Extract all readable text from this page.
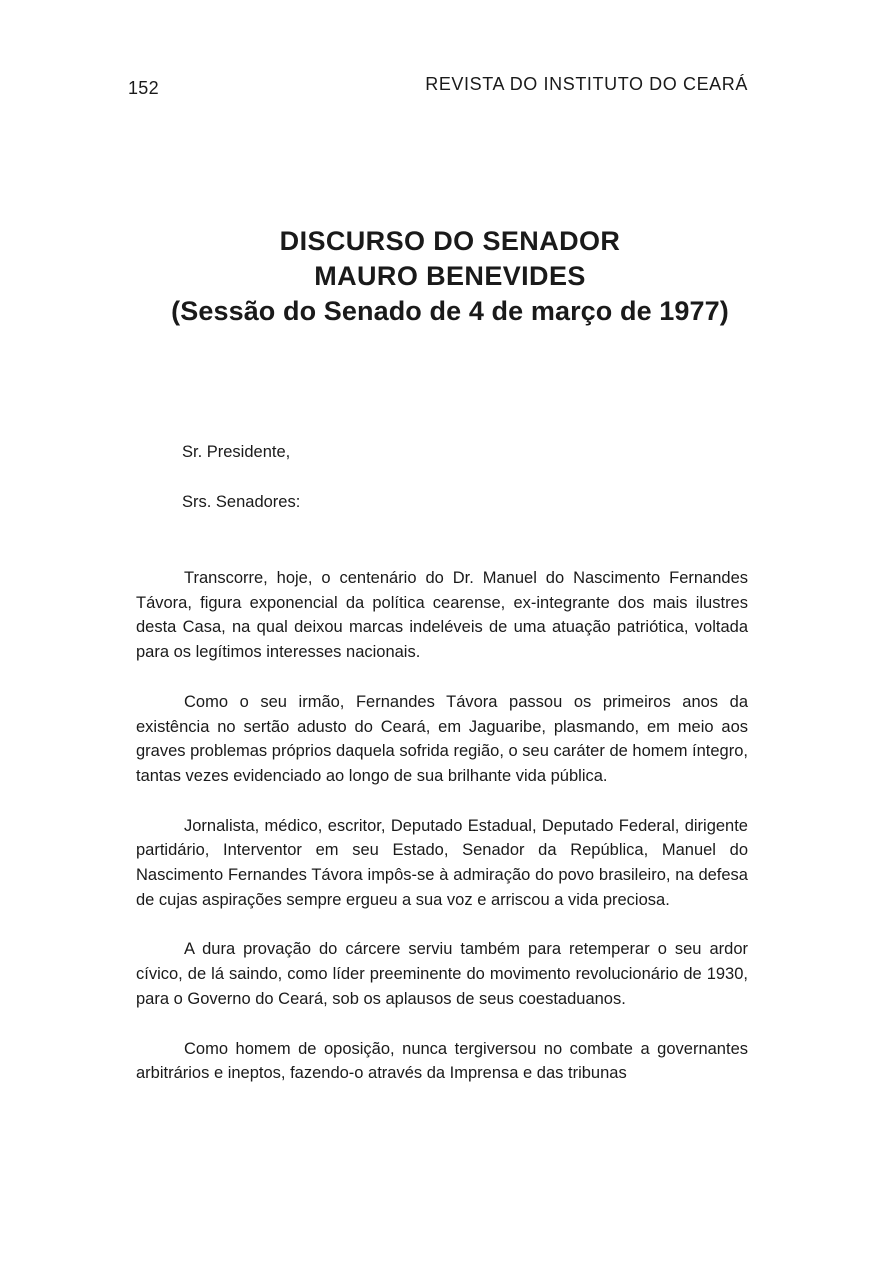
152	REVISTA DO INSTITUTO DO CEARÁ
DISCURSO DO SENADOR
MAURO BENEVIDES
(Sessão do Senado de 4 de março de 1977)
Sr. Presidente,
Srs. Senadores:

Transcorre, hoje, o centenário do Dr. Manuel do Nascimento Fernandes Távora, figura exponencial da política cearense, ex-integrante dos mais ilustres desta Casa, na qual deixou marcas indeléveis de uma atuação patriótica, voltada para os legítimos interesses nacionais.

Como o seu irmão, Fernandes Távora passou os primeiros anos da existência no sertão adusto do Ceará, em Jaguaribe, plasmando, em meio aos graves problemas próprios daquela sofrida região, o seu caráter de homem íntegro, tantas vezes evidenciado ao longo de sua brilhante vida pública.

Jornalista, médico, escritor, Deputado Estadual, Deputado Federal, dirigente partidário, Interventor em seu Estado, Senador da República, Manuel do Nascimento Fernandes Távora impôs-se à admiração do povo brasileiro, na defesa de cujas aspirações sempre ergueu a sua voz e arriscou a vida preciosa.

A dura provação do cárcere serviu também para retemperar o seu ardor cívico, de lá saindo, como líder preeminente do movimento revolucionário de 1930, para o Governo do Ceará, sob os aplausos de seus coestaduanos.

Como homem de oposição, nunca tergiversou no combate a governantes arbitrários e ineptos, fazendo-o através da Imprensa e das tribunas
